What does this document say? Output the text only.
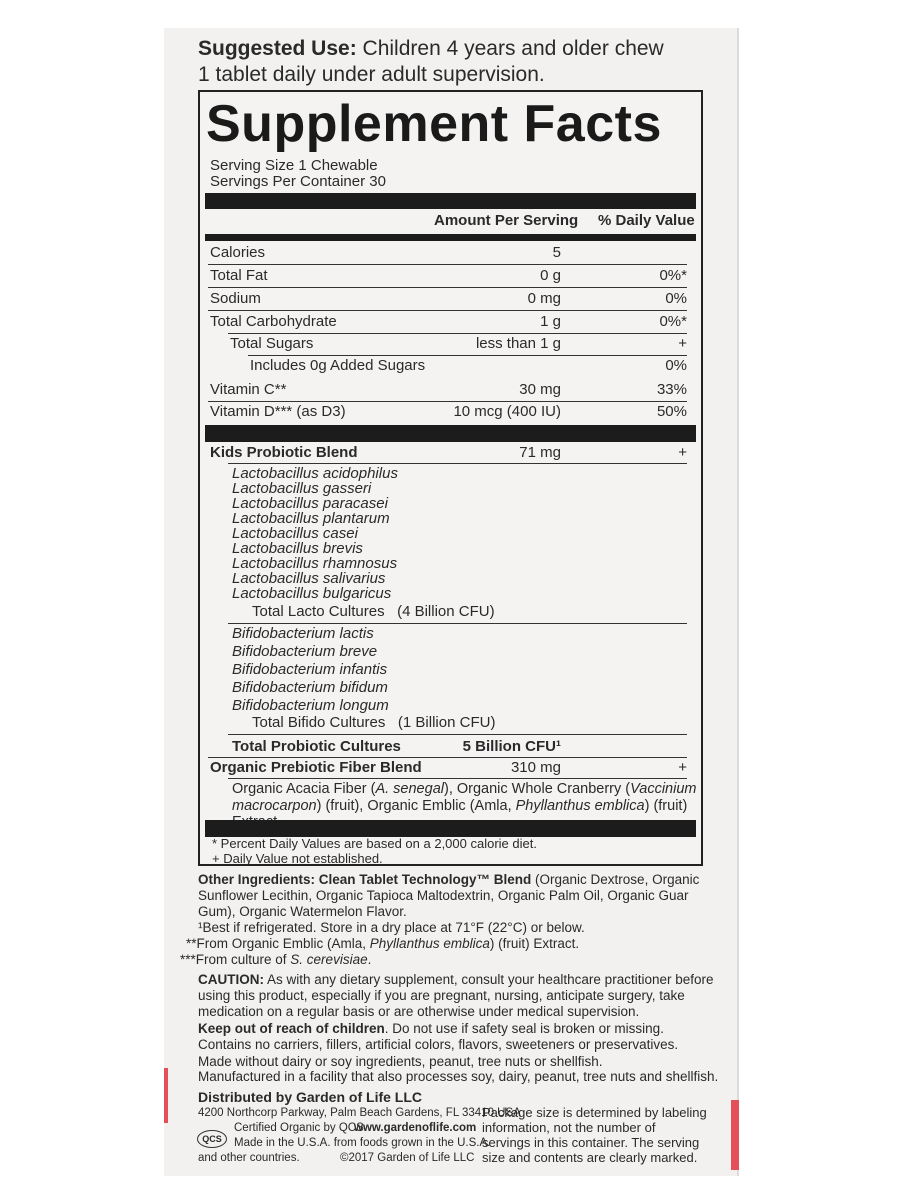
Suggested Use: Children 4 years and older chew
1 tablet daily under adult supervision.
Supplement Facts
Serving Size 1 Chewable
Servings Per Container 30
Amount Per Serving % Daily Value
Calories	5
Total Fat	0 g	0%*
Sodium	0 mg	0%
Total Carbohydrate	1 g	0%*
Total Sugars	less than 1 g	+
Includes 0g Added Sugars	0%
Vitamin C**	30 mg	33%
Vitamin D*** (as D3)	10 mcg (400 IU)	50%
Kids Probiotic Blend	71 mg	+
Lactobacillus acidophilus
Lactobacillus gasseri
Lactobacillus paracasei
Lactobacillus plantarum
Lactobacillus casei
Lactobacillus brevis
Lactobacillus rhamnosus
Lactobacillus salivarius
Lactobacillus bulgaricus
Total Lacto Cultures (4 Billion CFU)
Bifidobacterium lactis
Bifidobacterium breve
Bifidobacterium infantis
Bifidobacterium bifidum
Bifidobacterium longum
Total Bifido Cultures (1 Billion CFU)
Total Probiotic Cultures	5 Billion CFU¹
Organic Prebiotic Fiber Blend	310 mg	+
Organic Acacia Fiber (A. senegal), Organic Whole Cranberry (Vaccinium
macrocarpon) (fruit), Organic Emblic (Amla, Phyllanthus emblica) (fruit)
* Percent Daily Values are based on a 2,000 calorie diet.
+ Daily Value not established.
Other Ingredients: Clean Tablet Technology™ Blend (Organic Dextrose, Organic Sunflower Lecithin, Organic Tapioca Maltodextrin, Organic Palm Oil, Organic Guar Gum), Organic Watermelon Flavor.
¹Best if refrigerated. Store in a dry place at 71°F (22°C) or below.
**From Organic Emblic (Amla, Phyllanthus emblica) (fruit) Extract.
***From culture of S. cerevisiae.
CAUTION: As with any dietary supplement, consult your healthcare practitioner before using this product, especially if you are pregnant, nursing, anticipate surgery, take medication on a regular basis or are otherwise under medical supervision.
Keep out of reach of children. Do not use if safety seal is broken or missing. Contains no carriers, fillers, artificial colors, flavors, sweeteners or preservatives.
Made without dairy or soy ingredients, peanut, tree nuts or shellfish.
Manufactured in a facility that also processes soy, dairy, peanut, tree nuts and shellfish.
Distributed by Garden of Life LLC
4200 Northcorp Parkway, Palm Beach Gardens, FL 33410 USA
QCS
Certified Organic by QCS
www.gardenoflife.com
Made in the U.S.A. from foods grown in the U.S.A.
and other countries.	©2017 Garden of Life LLC
Package size is determined by labeling
information, not the number of
servings in this container. The serving
size and contents are clearly marked.
